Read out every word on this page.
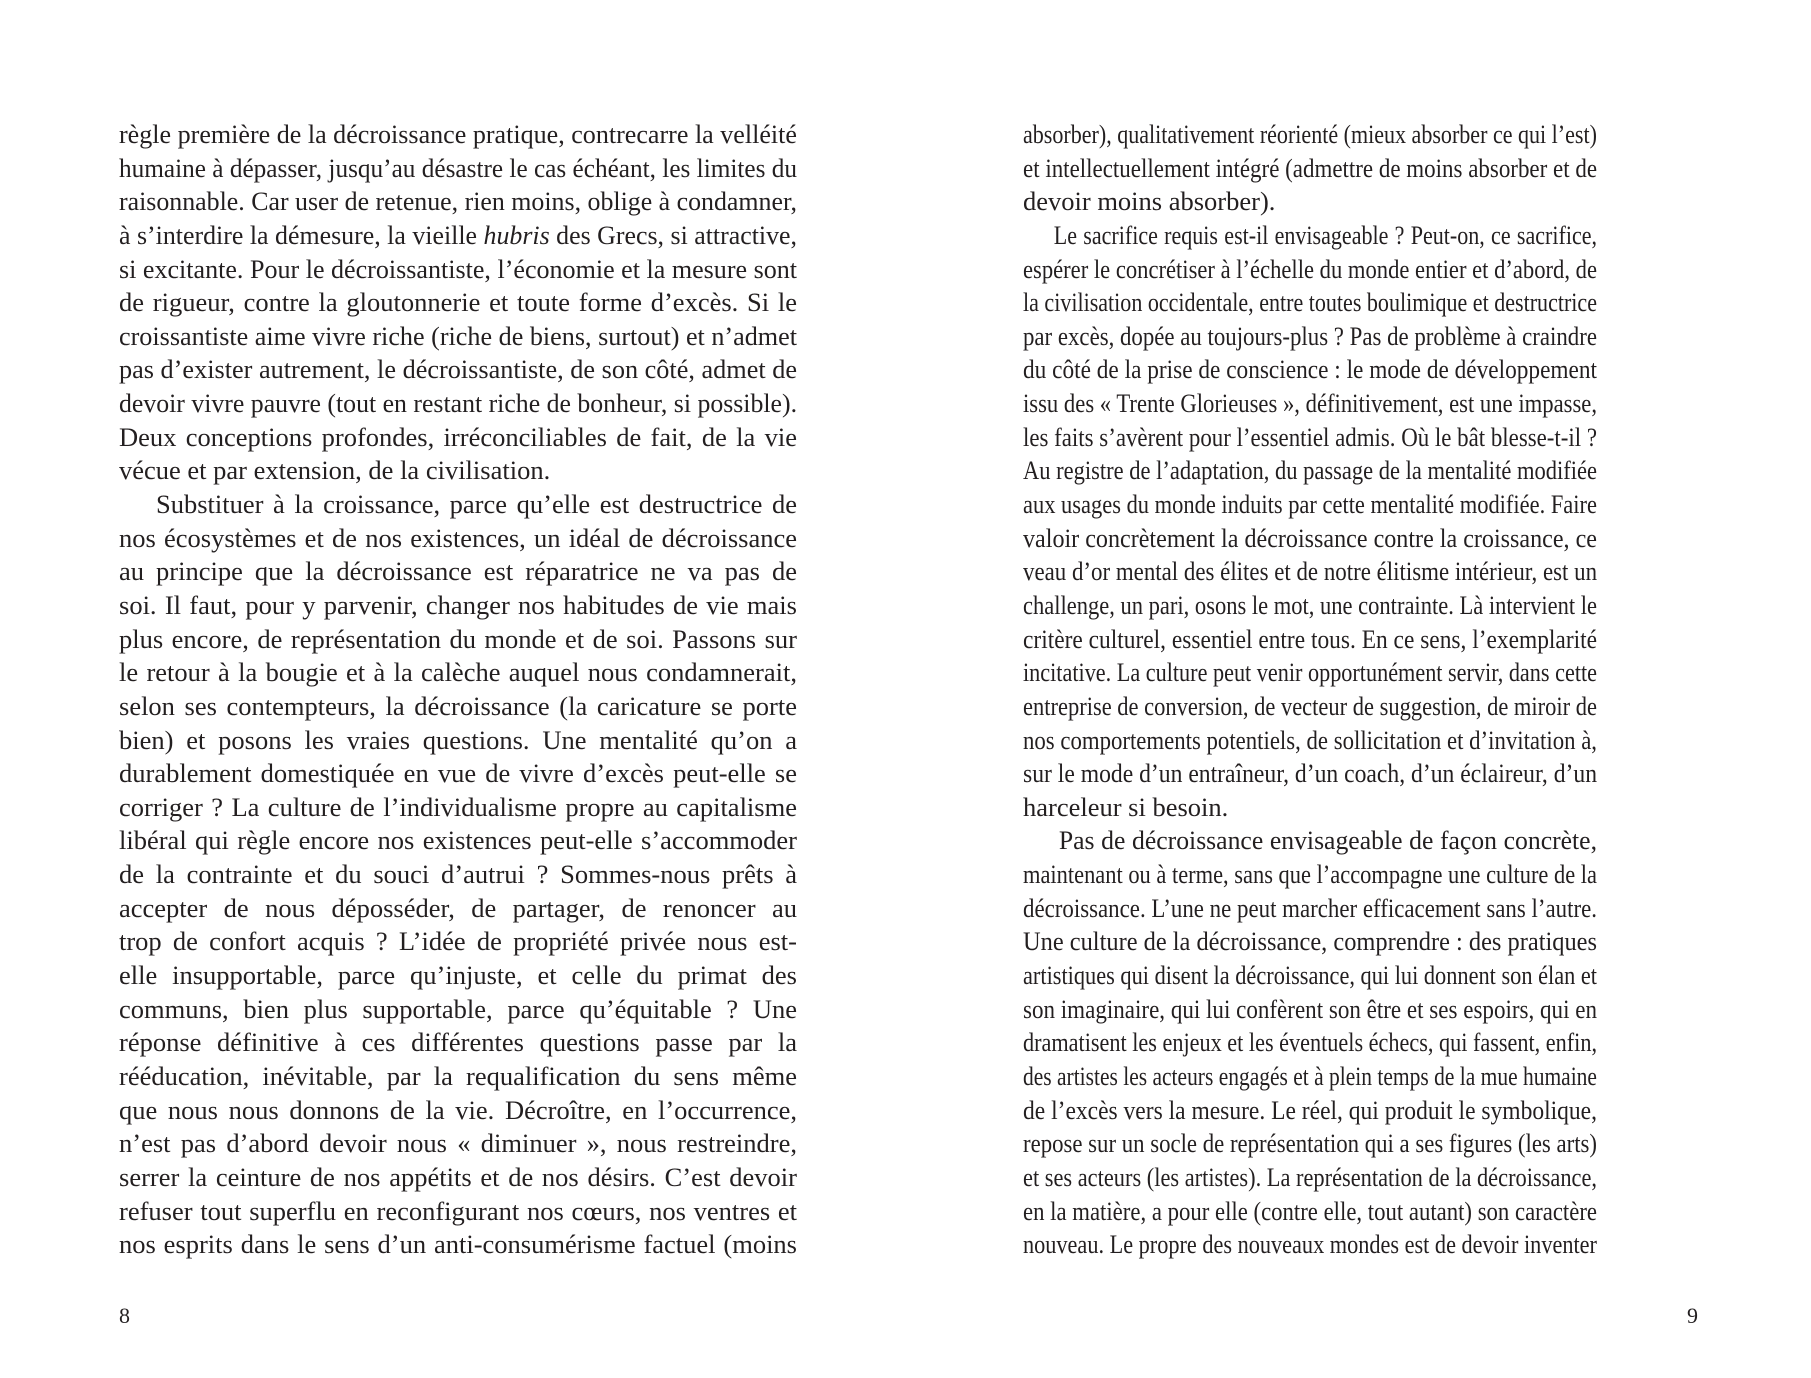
règle première de la décroissance pratique, contrecarre la velléité
humaine à dépasser, jusqu’au désastre le cas échéant, les limites du
raisonnable. Car user de retenue, rien moins, oblige à condamner,
à s’interdire la démesure, la vieille hubris des Grecs, si attractive,
si excitante. Pour le décroissantiste, l’économie et la mesure sont
de rigueur, contre la gloutonnerie et toute forme d’excès. Si le
croissantiste aime vivre riche (riche de biens, surtout) et n’admet
pas d’exister autrement, le décroissantiste, de son côté, admet de
devoir vivre pauvre (tout en restant riche de bonheur, si possible).
Deux conceptions profondes, irréconciliables de fait, de la vie
vécue et par extension, de la civilisation.
Substituer à la croissance, parce qu’elle est destructrice de
nos écosystèmes et de nos existences, un idéal de décroissance
au principe que la décroissance est réparatrice ne va pas de
soi. Il faut, pour y parvenir, changer nos habitudes de vie mais
plus encore, de représentation du monde et de soi. Passons sur
le retour à la bougie et à la calèche auquel nous condamnerait,
selon ses contempteurs, la décroissance (la caricature se porte
bien) et posons les vraies questions. Une mentalité qu’on a
durablement domestiquée en vue de vivre d’excès peut-elle se
corriger ? La culture de l’individualisme propre au capitalisme
libéral qui règle encore nos existences peut-elle s’accommoder
de la contrainte et du souci d’autrui ? Sommes-nous prêts à
accepter de nous déposséder, de partager, de renoncer au
trop de confort acquis ? L’idée de propriété privée nous est-
elle insupportable, parce qu’injuste, et celle du primat des
communs, bien plus supportable, parce qu’équitable ? Une
réponse définitive à ces différentes questions passe par la
rééducation, inévitable, par la requalification du sens même
que nous nous donnons de la vie. Décroître, en l’occurrence,
n’est pas d’abord devoir nous « diminuer », nous restreindre,
serrer la ceinture de nos appétits et de nos désirs. C’est devoir
refuser tout superflu en reconfigurant nos cœurs, nos ventres et
nos esprits dans le sens d’un anti-consumérisme factuel (moins
8
absorber), qualitativement réorienté (mieux absorber ce qui l’est)
et intellectuellement intégré (admettre de moins absorber et de
devoir moins absorber).
Le sacrifice requis est-il envisageable ? Peut-on, ce sacrifice,
espérer le concrétiser à l’échelle du monde entier et d’abord, de
la civilisation occidentale, entre toutes boulimique et destructrice
par excès, dopée au toujours-plus ? Pas de problème à craindre
du côté de la prise de conscience : le mode de développement
issu des « Trente Glorieuses », définitivement, est une impasse,
les faits s’avèrent pour l’essentiel admis. Où le bât blesse-t-il ?
Au registre de l’adaptation, du passage de la mentalité modifiée
aux usages du monde induits par cette mentalité modifiée. Faire
valoir concrètement la décroissance contre la croissance, ce
veau d’or mental des élites et de notre élitisme intérieur, est un
challenge, un pari, osons le mot, une contrainte. Là intervient le
critère culturel, essentiel entre tous. En ce sens, l’exemplarité
incitative. La culture peut venir opportunément servir, dans cette
entreprise de conversion, de vecteur de suggestion, de miroir de
nos comportements potentiels, de sollicitation et d’invitation à,
sur le mode d’un entraîneur, d’un coach, d’un éclaireur, d’un
harceleur si besoin.
Pas de décroissance envisageable de façon concrète,
maintenant ou à terme, sans que l’accompagne une culture de la
décroissance. L’une ne peut marcher efficacement sans l’autre.
Une culture de la décroissance, comprendre : des pratiques
artistiques qui disent la décroissance, qui lui donnent son élan et
son imaginaire, qui lui confèrent son être et ses espoirs, qui en
dramatisent les enjeux et les éventuels échecs, qui fassent, enfin,
des artistes les acteurs engagés et à plein temps de la mue humaine
de l’excès vers la mesure. Le réel, qui produit le symbolique,
repose sur un socle de représentation qui a ses figures (les arts)
et ses acteurs (les artistes). La représentation de la décroissance,
en la matière, a pour elle (contre elle, tout autant) son caractère
nouveau. Le propre des nouveaux mondes est de devoir inventer
9
